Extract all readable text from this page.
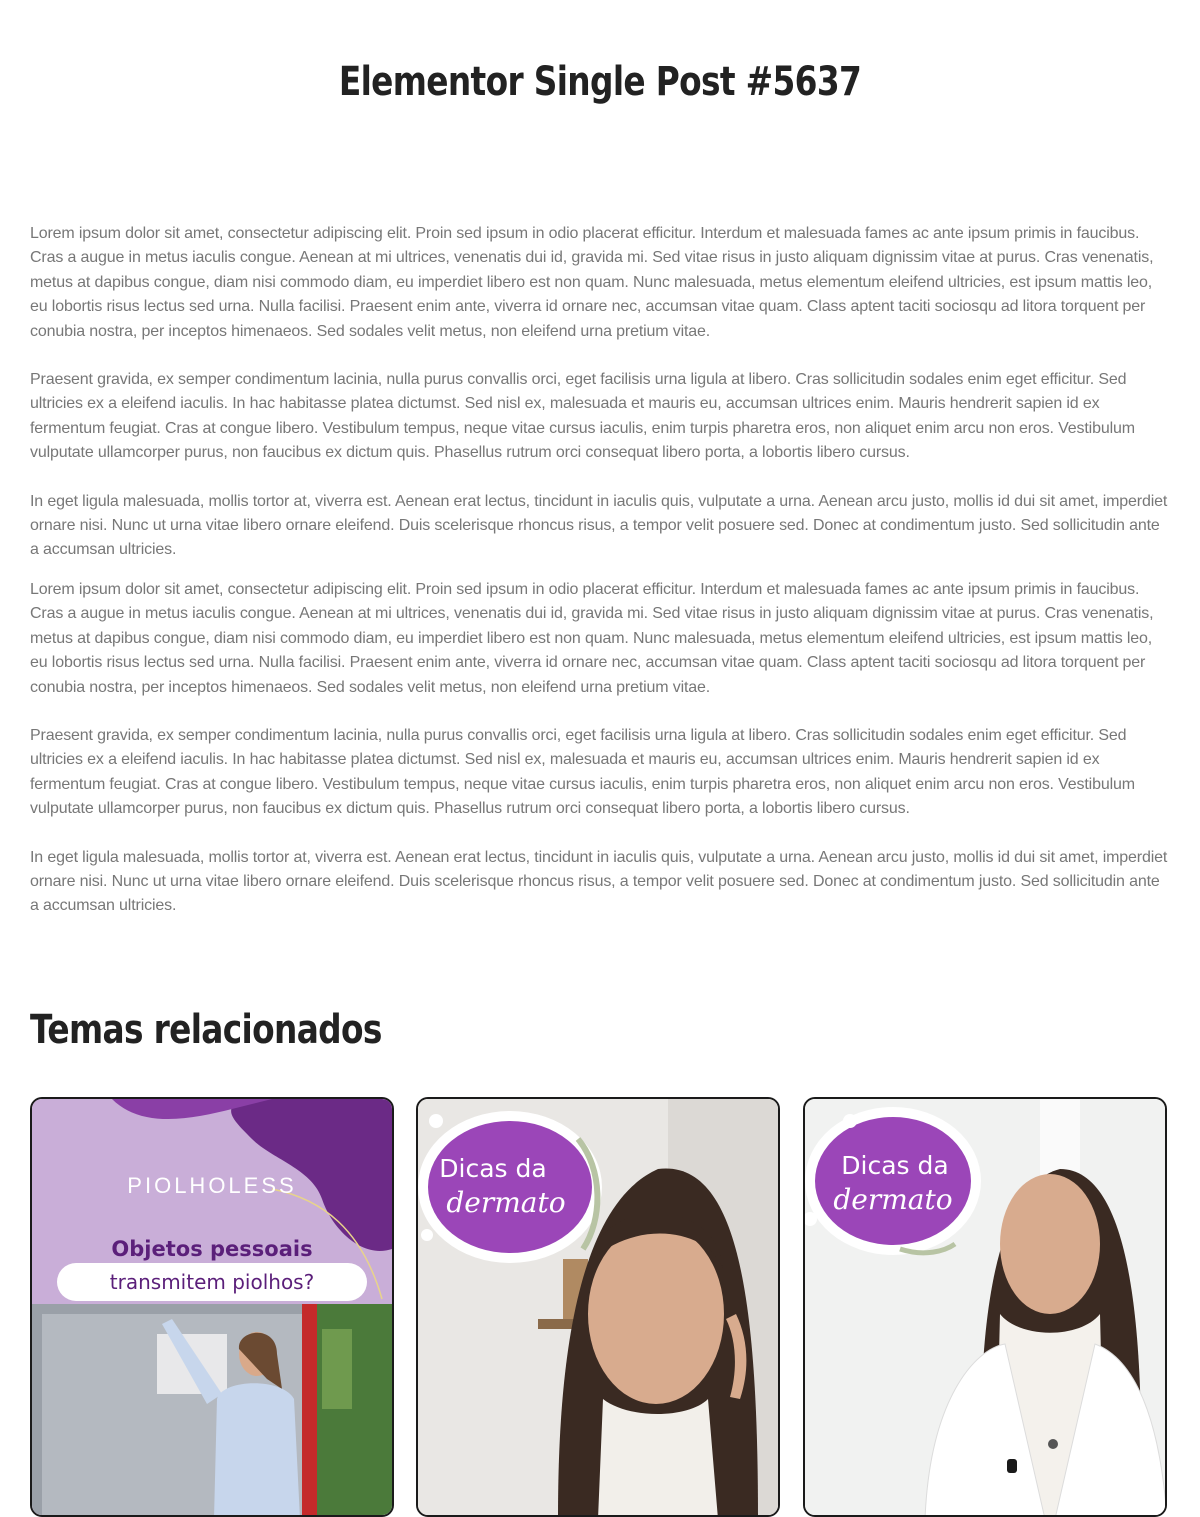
Elementor Single Post #5637

Lorem ipsum dolor sit amet, consectetur adipiscing elit. Proin sed ipsum in odio placerat efficitur. Interdum et malesuada fames ac ante ipsum primis in faucibus. Cras a augue in metus iaculis congue. Aenean at mi ultrices, venenatis dui id, gravida mi. Sed vitae risus in justo aliquam dignissim vitae at purus. Cras venenatis, metus at dapibus congue, diam nisi commodo diam, eu imperdiet libero est non quam. Nunc malesuada, metus elementum eleifend ultricies, est ipsum mattis leo, eu lobortis risus lectus sed urna. Nulla facilisi. Praesent enim ante, viverra id ornare nec, accumsan vitae quam. Class aptent taciti sociosqu ad litora torquent per conubia nostra, per inceptos himenaeos. Sed sodales velit metus, non eleifend urna pretium vitae.

Praesent gravida, ex semper condimentum lacinia, nulla purus convallis orci, eget facilisis urna ligula at libero. Cras sollicitudin sodales enim eget efficitur. Sed ultricies ex a eleifend iaculis. In hac habitasse platea dictumst. Sed nisl ex, malesuada et mauris eu, accumsan ultrices enim. Mauris hendrerit sapien id ex fermentum feugiat. Cras at congue libero. Vestibulum tempus, neque vitae cursus iaculis, enim turpis pharetra eros, non aliquet enim arcu non eros. Vestibulum vulputate ullamcorper purus, non faucibus ex dictum quis. Phasellus rutrum orci consequat libero porta, a lobortis libero cursus.

In eget ligula malesuada, mollis tortor at, viverra est. Aenean erat lectus, tincidunt in iaculis quis, vulputate a urna. Aenean arcu justo, mollis id dui sit amet, imperdiet ornare nisi. Nunc ut urna vitae libero ornare eleifend. Duis scelerisque rhoncus risus, a tempor velit posuere sed. Donec at condimentum justo. Sed sollicitudin ante a accumsan ultricies.

Lorem ipsum dolor sit amet, consectetur adipiscing elit. Proin sed ipsum in odio placerat efficitur. Interdum et malesuada fames ac ante ipsum primis in faucibus. Cras a augue in metus iaculis congue. Aenean at mi ultrices, venenatis dui id, gravida mi. Sed vitae risus in justo aliquam dignissim vitae at purus. Cras venenatis, metus at dapibus congue, diam nisi commodo diam, eu imperdiet libero est non quam. Nunc malesuada, metus elementum eleifend ultricies, est ipsum mattis leo, eu lobortis risus lectus sed urna. Nulla facilisi. Praesent enim ante, viverra id ornare nec, accumsan vitae quam. Class aptent taciti sociosqu ad litora torquent per conubia nostra, per inceptos himenaeos. Sed sodales velit metus, non eleifend urna pretium vitae.

Praesent gravida, ex semper condimentum lacinia, nulla purus convallis orci, eget facilisis urna ligula at libero. Cras sollicitudin sodales enim eget efficitur. Sed ultricies ex a eleifend iaculis. In hac habitasse platea dictumst. Sed nisl ex, malesuada et mauris eu, accumsan ultrices enim. Mauris hendrerit sapien id ex fermentum feugiat. Cras at congue libero. Vestibulum tempus, neque vitae cursus iaculis, enim turpis pharetra eros, non aliquet enim arcu non eros. Vestibulum vulputate ullamcorper purus, non faucibus ex dictum quis. Phasellus rutrum orci consequat libero porta, a lobortis libero cursus.

In eget ligula malesuada, mollis tortor at, viverra est. Aenean erat lectus, tincidunt in iaculis quis, vulputate a urna. Aenean arcu justo, mollis id dui sit amet, imperdiet ornare nisi. Nunc ut urna vitae libero ornare eleifend. Duis scelerisque rhoncus risus, a tempor velit posuere sed. Donec at condimentum justo. Sed sollicitudin ante a accumsan ultricies.

Temas relacionados
PIOLHOLESS
Objetos pessoais
transmitem piolhos?
Dicas da
dermato
Dicas da
dermato
